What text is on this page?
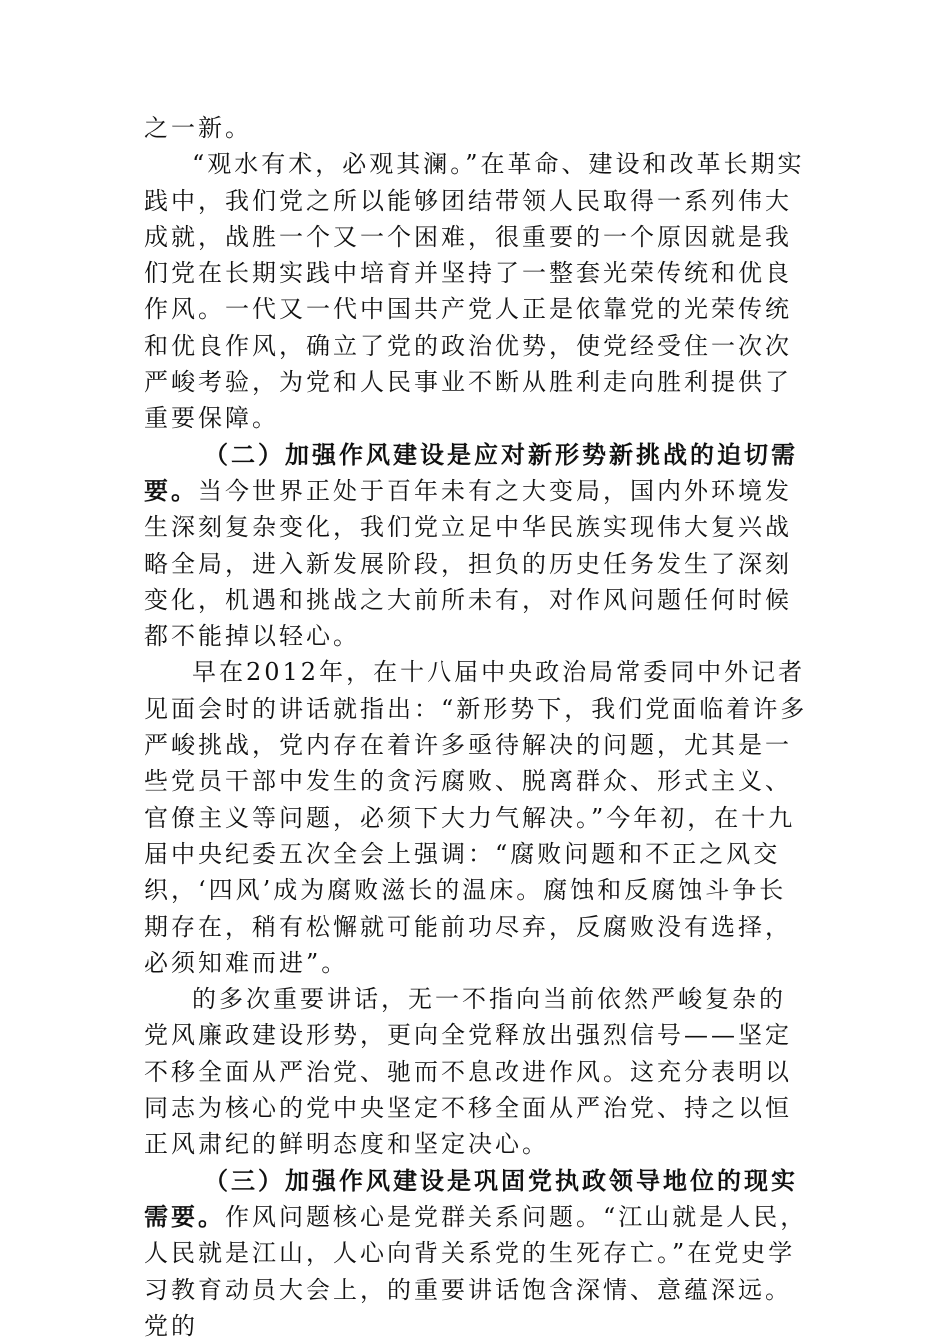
之一新。

“观水有术，必观其澜。”在革命、建设和改革长期实践中，我们党之所以能够团结带领人民取得一系列伟大成就，战胜一个又一个困难，很重要的一个原因就是我们党在长期实践中培育并坚持了一整套光荣传统和优良作风。一代又一代中国共产党人正是依靠党的光荣传统和优良作风，确立了党的政治优势，使党经受住一次次严峻考验，为党和人民事业不断从胜利走向胜利提供了重要保障。

（二）加强作风建设是应对新形势新挑战的迫切需要。当今世界正处于百年未有之大变局，国内外环境发生深刻复杂变化，我们党立足中华民族实现伟大复兴战略全局，进入新发展阶段，担负的历史任务发生了深刻变化，机遇和挑战之大前所未有，对作风问题任何时候都不能掉以轻心。

早在2012年，在十八届中央政治局常委同中外记者见面会时的讲话就指出：“新形势下，我们党面临着许多严峻挑战，党内存在着许多亟待解决的问题，尤其是一些党员干部中发生的贪污腐败、脱离群众、形式主义、官僚主义等问题，必须下大力气解决。”今年初，在十九届中央纪委五次全会上强调：“腐败问题和不正之风交织，‘四风’成为腐败滋长的温床。腐蚀和反腐蚀斗争长期存在，稍有松懈就可能前功尽弃，反腐败没有选择，必须知难而进”。

的多次重要讲话，无一不指向当前依然严峻复杂的党风廉政建设形势，更向全党释放出强烈信号——坚定不移全面从严治党、驰而不息改进作风。这充分表明以同志为核心的党中央坚定不移全面从严治党、持之以恒正风肃纪的鲜明态度和坚定决心。

（三）加强作风建设是巩固党执政领导地位的现实需要。作风问题核心是党群关系问题。“江山就是人民，人民就是江山，人心向背关系党的生死存亡。”在党史学习教育动员大会上，的重要讲话饱含深情、意蕴深远。党的
